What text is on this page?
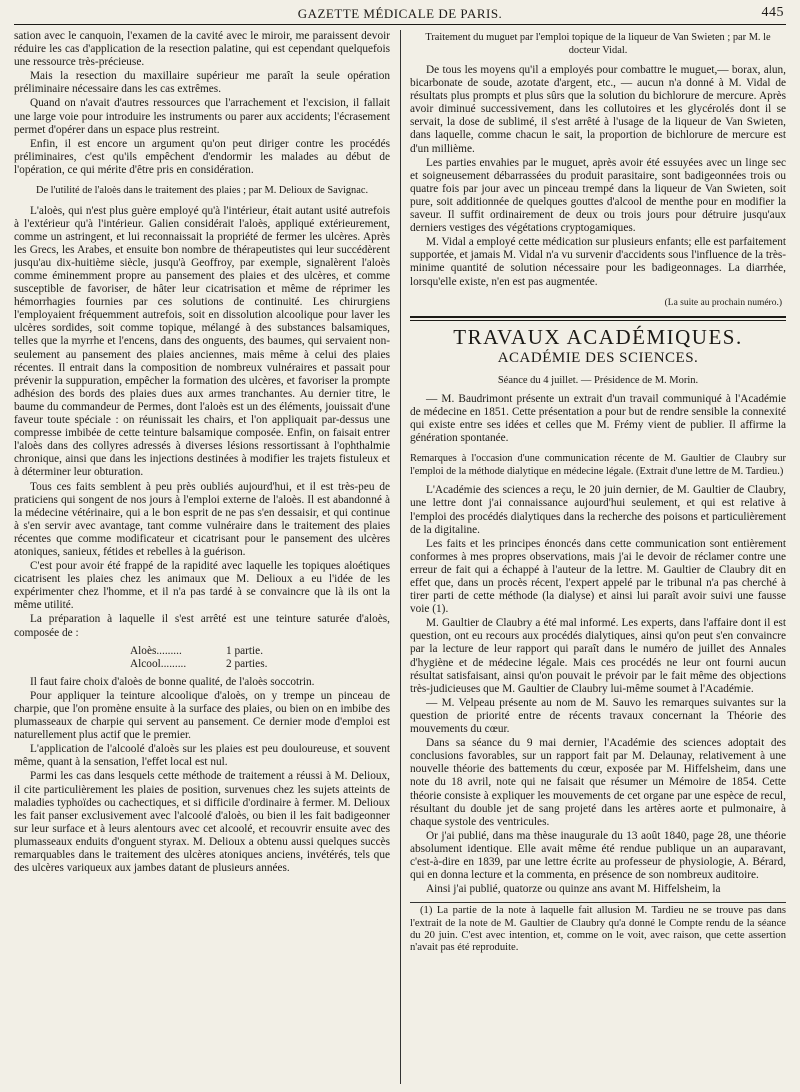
GAZETTE MÉDICALE DE PARIS.	445

sation avec le canquoin, l'examen de la cavité avec le miroir, me paraissent devoir réduire les cas d'application de la resection palatine, qui est cependant quelquefois une ressource très-précieuse.

Mais la resection du maxillaire supérieur me paraît la seule opération préliminaire nécessaire dans les cas extrêmes.

Quand on n'avait d'autres ressources que l'arrachement et l'excision, il fallait une large voie pour introduire les instruments ou parer aux accidents; l'écrasement permet d'opérer dans un espace plus restreint.

Enfin, il est encore un argument qu'on peut diriger contre les procédés préliminaires, c'est qu'ils empêchent d'endormir les malades au début de l'opération, ce qui mérite d'être pris en considération.

De l'utilité de l'aloès dans le traitement des plaies ; par M. Delioux de Savignac.

L'aloès, qui n'est plus guère employé qu'à l'intérieur, était autant usité autrefois à l'extérieur qu'à l'intérieur. Galien considérait l'aloès, appliqué extérieurement, comme un astringent, et lui reconnaissait la propriété de fermer les ulcères. Après les Grecs, les Arabes, et ensuite bon nombre de thérapeutistes qui leur succédèrent jusqu'au dix-huitième siècle, jusqu'à Geoffroy, par exemple, signalèrent l'aloès comme éminemment propre au pansement des plaies et des ulcères, et comme susceptible de favoriser, de hâter leur cicatrisation et même de réprimer les hémorrhagies fournies par ces solutions de continuité. Les chirurgiens l'employaient fréquemment autrefois, soit en dissolution alcoolique pour laver les ulcères sordides, soit comme topique, mélangé à des substances balsamiques, telles que la myrrhe et l'encens, dans des onguents, des baumes, qui servaient non-seulement au pansement des plaies anciennes, mais même à celui des plaies récentes. Il entrait dans la composition de nombreux vulnéraires et passait pour prévenir la suppuration, empêcher la formation des ulcères, et favoriser la prompte adhésion des bords des plaies dues aux armes tranchantes. Au dernier titre, le baume du commandeur de Permes, dont l'aloès est un des éléments, jouissait d'une faveur toute spéciale : on réunissait les chairs, et l'on appliquait par-dessus une compresse imbibée de cette teinture balsamique composée. Enfin, on faisait entrer l'aloès dans des collyres adressés à diverses lésions ressortissant à l'ophthalmie chronique, ainsi que dans les injections destinées à modifier les trajets fistuleux et à déterminer leur obturation.

Tous ces faits semblent à peu près oubliés aujourd'hui, et il est très-peu de praticiens qui songent de nos jours à l'emploi externe de l'aloès. Il est abandonné à la médecine vétérinaire, qui a le bon esprit de ne pas s'en dessaisir, et qui continue à s'en servir avec avantage, tant comme vulnéraire dans le traitement des plaies récentes que comme modificateur et cicatrisant pour le pansement des ulcères atoniques, sanieux, fétides et rebelles à la guérison.

C'est pour avoir été frappé de la rapidité avec laquelle les topiques aloétiques cicatrisent les plaies chez les animaux que M. Delioux a eu l'idée de les expérimenter chez l'homme, et il n'a pas tardé à se convaincre que là ils ont la même utilité.

La préparation à laquelle il s'est arrêté est une teinture saturée d'aloès, composée de :

Aloès.........	1 partie.
Alcool.........	2 parties.

Il faut faire choix d'aloès de bonne qualité, de l'aloès soccotrin.

Pour appliquer la teinture alcoolique d'aloès, on y trempe un pinceau de charpie, que l'on promène ensuite à la surface des plaies, ou bien on en imbibe des plumasseaux de charpie qui servent au pansement. Ce dernier mode d'emploi est naturellement plus actif que le premier.

L'application de l'alcoolé d'aloès sur les plaies est peu douloureuse, et souvent même, quant à la sensation, l'effet local est nul.

Parmi les cas dans lesquels cette méthode de traitement a réussi à M. Delioux, il cite particulièrement les plaies de position, survenues chez les sujets atteints de maladies typhoïdes ou cachectiques, et si difficile d'ordinaire à fermer. M. Delioux les fait panser exclusivement avec l'alcoolé d'aloès, ou bien il les fait badigeonner sur leur surface et à leurs alentours avec cet alcoolé, et recouvrir ensuite avec des plumasseaux enduits d'onguent styrax. M. Delioux a obtenu aussi quelques succès remarquables dans le traitement des ulcères atoniques anciens, invétérés, tels que des ulcères variqueux aux jambes datant de plusieurs années.

Traitement du muguet par l'emploi topique de la liqueur de Van Swieten ; par M. le docteur Vidal.

De tous les moyens qu'il a employés pour combattre le muguet,— borax, alun, bicarbonate de soude, azotate d'argent, etc., — aucun n'a donné à M. Vidal de résultats plus prompts et plus sûrs que la solution du bichlorure de mercure. Après avoir diminué successivement, dans les collutoires et les glycérolés dont il se servait, la dose de sublimé, il s'est arrêté à l'usage de la liqueur de Van Swieten, dans laquelle, comme chacun le sait, la proportion de bichlorure de mercure est d'un millième.

Les parties envahies par le muguet, après avoir été essuyées avec un linge sec et soigneusement débarrassées du produit parasitaire, sont badigeonnées trois ou quatre fois par jour avec un pinceau trempé dans la liqueur de Van Swieten, soit pure, soit additionnée de quelques gouttes d'alcool de menthe pour en modifier la saveur. Il suffit ordinairement de deux ou trois jours pour détruire jusqu'aux derniers vestiges des végétations cryptogamiques.

M. Vidal a employé cette médication sur plusieurs enfants; elle est parfaitement supportée, et jamais M. Vidal n'a vu survenir d'accidents sous l'influence de la très-minime quantité de solution nécessaire pour les badigeonnages. La diarrhée, lorsqu'elle existe, n'en est pas augmentée.

(La suite au prochain numéro.)
TRAVAUX ACADÉMIQUES.
ACADÉMIE DES SCIENCES.
Séance du 4 juillet. — Présidence de M. Morin.

— M. Baudrimont présente un extrait d'un travail communiqué à l'Académie de médecine en 1851. Cette présentation a pour but de rendre sensible la connexité qui existe entre ses idées et celles que M. Frémy vient de publier. Il affirme la génération spontanée.

Remarques à l'occasion d'une communication récente de M. Gaultier de Claubry sur l'emploi de la méthode dialytique en médecine légale. (Extrait d'une lettre de M. Tardieu.)

L'Académie des sciences a reçu, le 20 juin dernier, de M. Gaultier de Claubry, une lettre dont j'ai connaissance aujourd'hui seulement, et qui est relative à l'emploi des procédés dialytiques dans la recherche des poisons et particulièrement de la digitaline.

Les faits et les principes énoncés dans cette communication sont entièrement conformes à mes propres observations, mais j'ai le devoir de réclamer contre une erreur de fait qui a échappé à l'auteur de la lettre. M. Gaultier de Claubry dit en effet que, dans un procès récent, l'expert appelé par le tribunal n'a pas cherché à tirer parti de cette méthode (la dialyse) et ainsi lui paraît avoir suivi une fausse voie (1).

M. Gaultier de Claubry a été mal informé. Les experts, dans l'affaire dont il est question, ont eu recours aux procédés dialytiques, ainsi qu'on peut s'en convaincre par la lecture de leur rapport qui paraît dans le numéro de juillet des Annales d'hygiène et de médecine légale. Mais ces procédés ne leur ont fourni aucun résultat satisfaisant, ainsi qu'on pouvait le prévoir par le fait même des objections très-judicieuses que M. Gaultier de Claubry lui-même soumet à l'Académie.

— M. Velpeau présente au nom de M. Sauvo les remarques suivantes sur la question de priorité entre de récents travaux concernant la Théorie des mouvements du cœur.

Dans sa séance du 9 mai dernier, l'Académie des sciences adoptait des conclusions favorables, sur un rapport fait par M. Delaunay, relativement à une nouvelle théorie des battements du cœur, exposée par M. Hiffelsheim, dans une note du 18 avril, note qui ne faisait que résumer un Mémoire de 1854. Cette théorie consiste à expliquer les mouvements de cet organe par une espèce de recul, résultant du double jet de sang projeté dans les artères aorte et pulmonaire, à chaque systole des ventricules.

Or j'ai publié, dans ma thèse inaugurale du 13 août 1840, page 28, une théorie absolument identique. Elle avait même été rendue publique un an auparavant, c'est-à-dire en 1839, par une lettre écrite au professeur de physiologie, A. Bérard, qui en donna lecture et la commenta, en présence de son nombreux auditoire.

Ainsi j'ai publié, quatorze ou quinze ans avant M. Hiffelsheim, la

(1) La partie de la note à laquelle fait allusion M. Tardieu ne se trouve pas dans l'extrait de la note de M. Gaultier de Claubry qu'a donné le Compte rendu de la séance du 20 juin. C'est avec intention, et, comme on le voit, avec raison, que cette assertion n'avait pas été reproduite.
